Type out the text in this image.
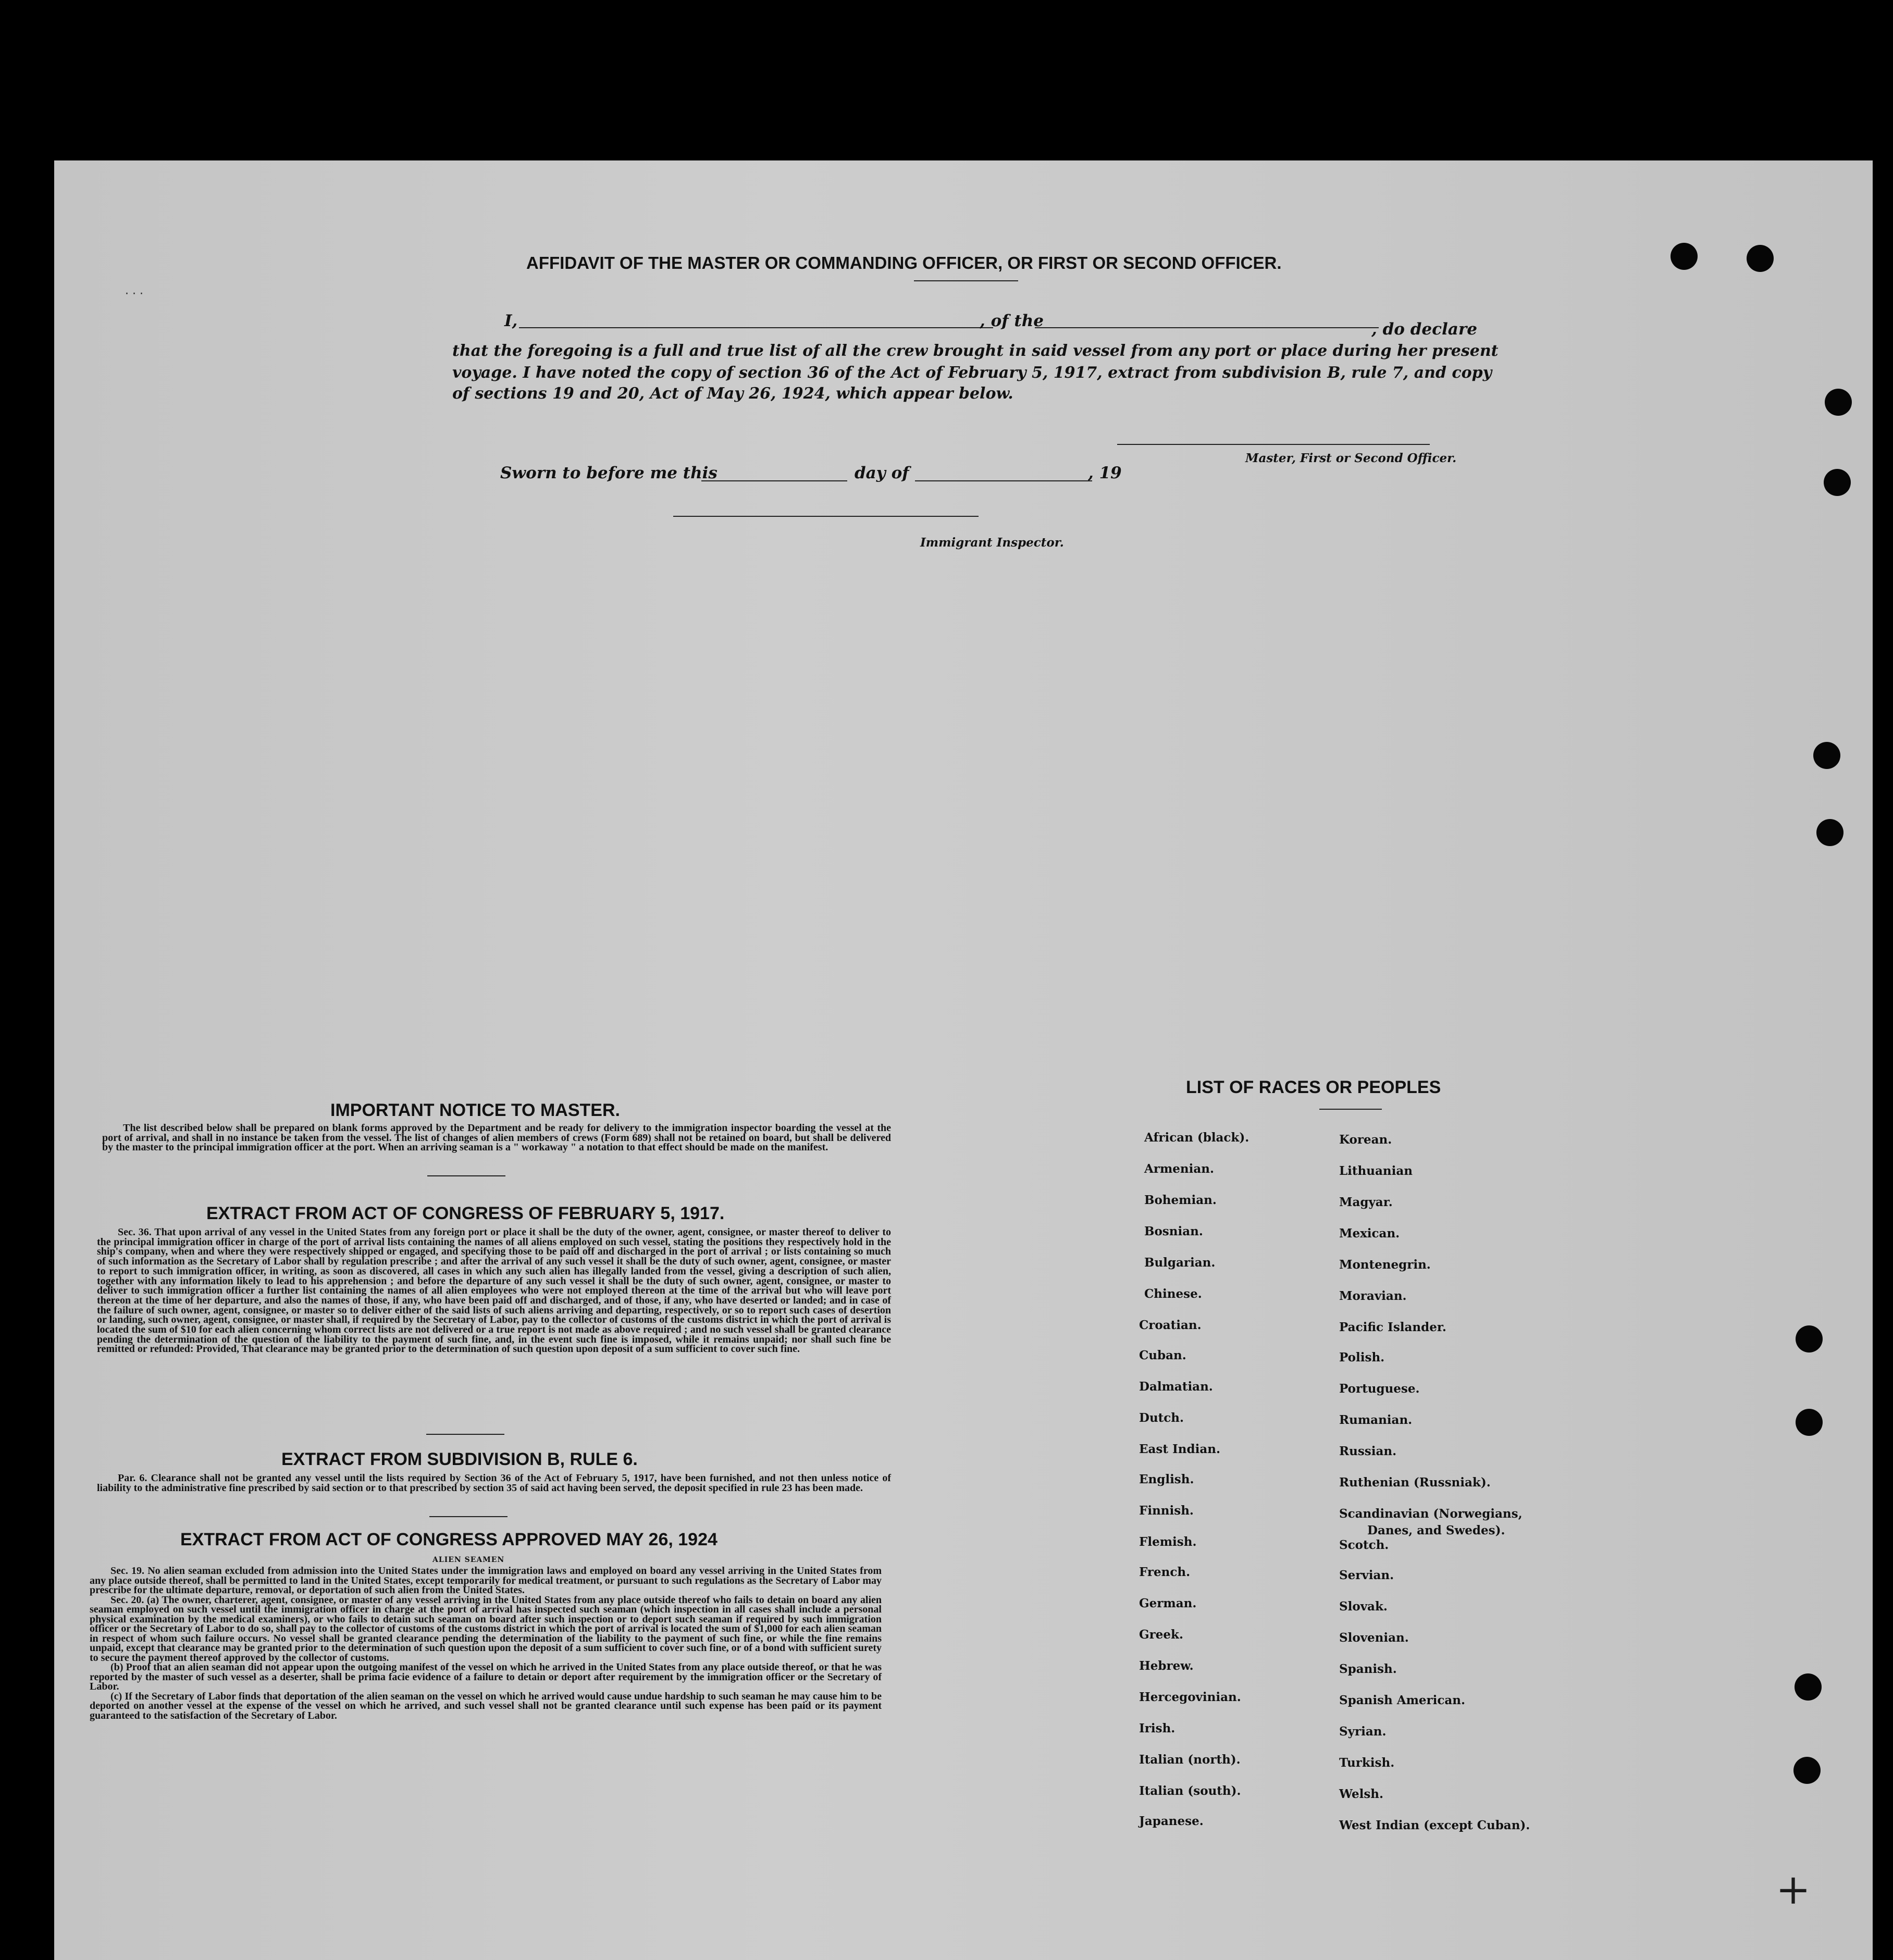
AFFIDAVIT OF THE MASTER OR COMMANDING OFFICER, OR FIRST OR SECOND OFFICER.
I,	, of the	, do declare
that the foregoing is a full and true list of all the crew brought in said vessel from any port or place during her present
voyage. I have noted the copy of section 36 of the Act of February 5, 1917, extract from subdivision B, rule 7, and copy
of sections 19 and 20, Act of May 26, 1924, which appear below.
Master, First or Second Officer.
Sworn to before me this	day of	, 19
Immigrant Inspector.
IMPORTANT NOTICE TO MASTER.

The list described below shall be prepared on blank forms approved by the Department and be ready for delivery to the immigration inspector boarding the vessel at the port of arrival, and shall in no instance be taken from the vessel. The list of changes of alien members of crews (Form 689) shall not be retained on board, but shall be delivered by the master to the principal immigration officer at the port. When an arriving seaman is a " workaway " a notation to that effect should be made on the manifest.

EXTRACT FROM ACT OF CONGRESS OF FEBRUARY 5, 1917.

Sec. 36. That upon arrival of any vessel in the United States from any foreign port or place it shall be the duty of the owner, agent, consignee, or master thereof to deliver to the principal immigration officer in charge of the port of arrival lists containing the names of all aliens employed on such vessel, stating the positions they respectively hold in the ship's company, when and where they were respectively shipped or engaged, and specifying those to be paid off and discharged in the port of arrival ; or lists containing so much of such information as the Secretary of Labor shall by regulation prescribe ; and after the arrival of any such vessel it shall be the duty of such owner, agent, consignee, or master to report to such immigration officer, in writing, as soon as discovered, all cases in which any such alien has illegally landed from the vessel, giving a description of such alien, together with any information likely to lead to his apprehension ; and before the departure of any such vessel it shall be the duty of such owner, agent, consignee, or master to deliver to such immigration officer a further list containing the names of all alien employees who were not employed thereon at the time of the arrival but who will leave port thereon at the time of her departure, and also the names of those, if any, who have been paid off and discharged, and of those, if any, who have deserted or landed; and in case of the failure of such owner, agent, consignee, or master so to deliver either of the said lists of such aliens arriving and departing, respectively, or so to report such cases of desertion or landing, such owner, agent, consignee, or master shall, if required by the Secretary of Labor, pay to the collector of customs of the customs district in which the port of arrival is located the sum of $10 for each alien concerning whom correct lists are not delivered or a true report is not made as above required ; and no such vessel shall be granted clearance pending the determination of the question of the liability to the payment of such fine, and, in the event such fine is imposed, while it remains unpaid; nor shall such fine be remitted or refunded: Provided, That clearance may be granted prior to the determination of such question upon deposit of a sum sufficient to cover such fine.

EXTRACT FROM SUBDIVISION B, RULE 6.

Par. 6. Clearance shall not be granted any vessel until the lists required by Section 36 of the Act of February 5, 1917, have been furnished, and not then unless notice of liability to the administrative fine prescribed by said section or to that prescribed by section 35 of said act having been served, the deposit specified in rule 23 has been made.

EXTRACT FROM ACT OF CONGRESS APPROVED MAY 26, 1924
ALIEN SEAMEN

Sec. 19. No alien seaman excluded from admission into the United States under the immigration laws and employed on board any vessel arriving in the United States from any place outside thereof, shall be permitted to land in the United States, except temporarily for medical treatment, or pursuant to such regulations as the Secretary of Labor may prescribe for the ultimate departure, removal, or deportation of such alien from the United States.

Sec. 20. (a) The owner, charterer, agent, consignee, or master of any vessel arriving in the United States from any place outside thereof who fails to detain on board any alien seaman employed on such vessel until the immigration officer in charge at the port of arrival has inspected such seaman (which inspection in all cases shall include a personal physical examination by the medical examiners), or who fails to detain such seaman on board after such inspection or to deport such seaman if required by such immigration officer or the Secretary of Labor to do so, shall pay to the collector of customs of the customs district in which the port of arrival is located the sum of $1,000 for each alien seaman in respect of whom such failure occurs. No vessel shall be granted clearance pending the determination of the liability to the payment of such fine, or while the fine remains unpaid, except that clearance may be granted prior to the determination of such question upon the deposit of a sum sufficient to cover such fine, or of a bond with sufficient surety to secure the payment thereof approved by the collector of customs.

(b) Proof that an alien seaman did not appear upon the outgoing manifest of the vessel on which he arrived in the United States from any place outside thereof, or that he was reported by the master of such vessel as a deserter, shall be prima facie evidence of a failure to detain or deport after requirement by the immigration officer or the Secretary of Labor.

(c) If the Secretary of Labor finds that deportation of the alien seaman on the vessel on which he arrived would cause undue hardship to such seaman he may cause him to be deported on another vessel at the expense of the vessel on which he arrived, and such vessel shall not be granted clearance until such expense has been paid or its payment guaranteed to the satisfaction of the Secretary of Labor.

LIST OF RACES OR PEOPLES
African (black).
Armenian.
Bohemian.
Bosnian.
Bulgarian.
Chinese.
Croatian.
Cuban.
Dalmatian.
Dutch.
East Indian.
English.
Finnish.
Flemish.
French.
German.
Greek.
Hebrew.
Hercegovinian.
Irish.
Italian (north).
Italian (south).
Japanese.
Korean.
Lithuanian
Magyar.
Mexican.
Montenegrin.
Moravian.
Pacific Islander.
Polish.
Portuguese.
Rumanian.
Russian.
Ruthenian (Russniak).
Scandinavian (Norwegians,
Danes, and Swedes).
Scotch.
Servian.
Slovak.
Slovenian.
Spanish.
Spanish American.
Syrian.
Turkish.
Welsh.
West Indian (except Cuban).
· · ·
+
